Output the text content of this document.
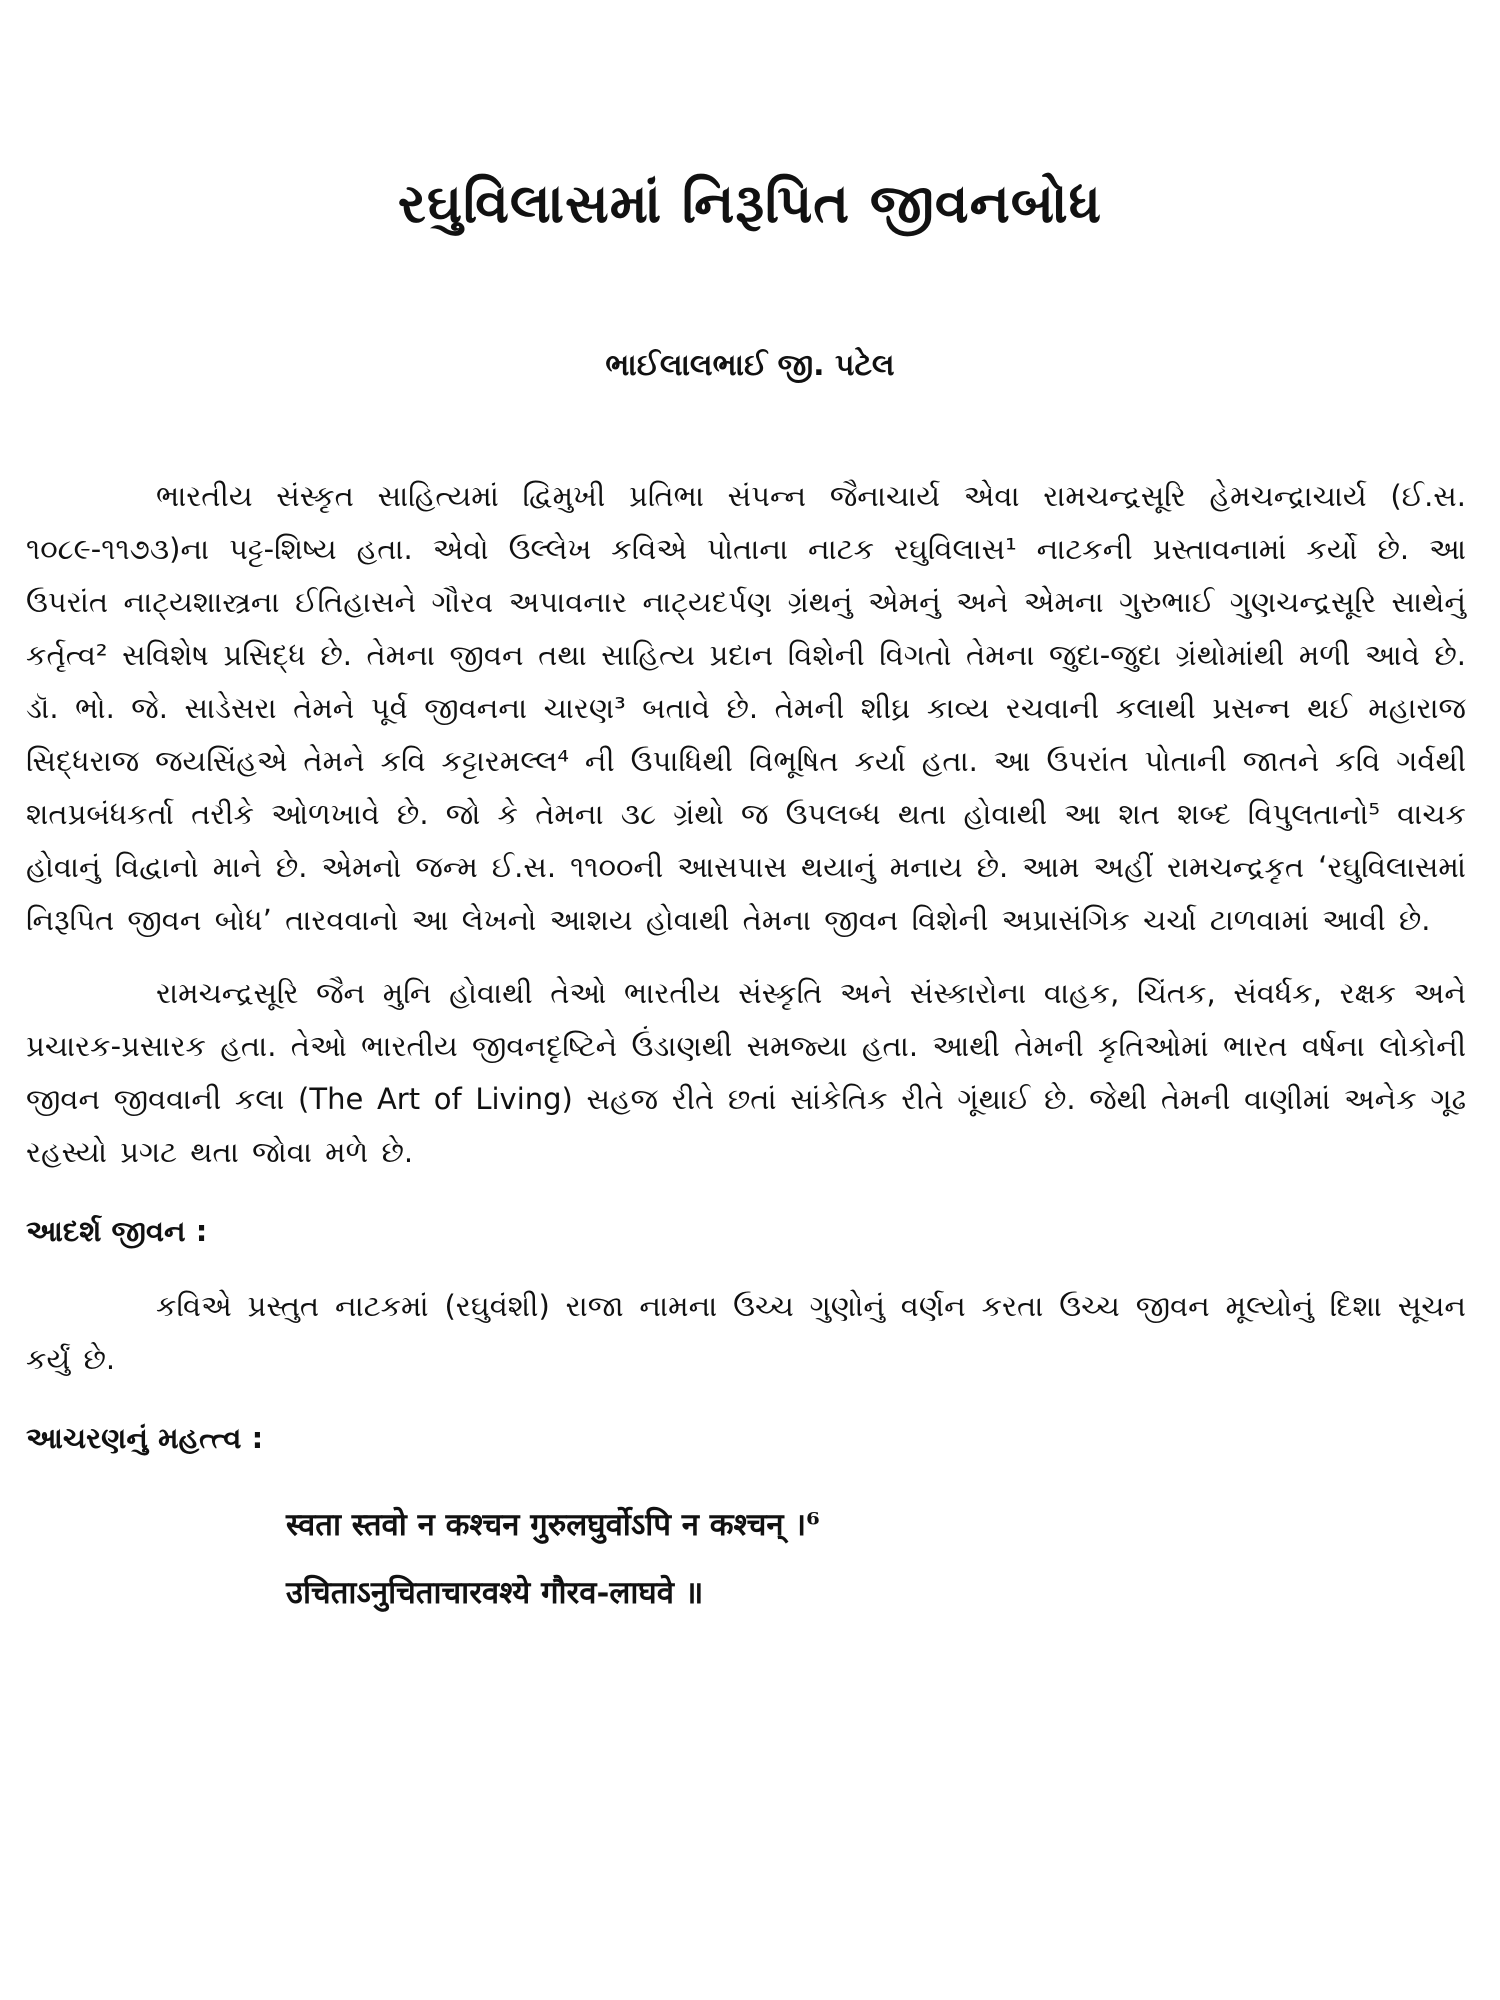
રઘુવિલાસમાં નિરૂપિત જીવનબોધ

ભાઈલાલભાઈ જી. પટેલ

ભારતીય સંસ્કૃત સાહિત્યમાં દ્વિમુખી પ્રતિભા સંપન્ન જૈનાચાર્ય એવા રામચન્દ્રસૂરિ હેમચન્દ્રાચાર્ય (ઈ.સ. ૧૦૮૯-૧૧૭૩)ના પટ્ટ-શિષ્ય હતા. એવો ઉલ્લેખ કવિએ પોતાના નાટક રઘુવિલાસ¹ નાટકની પ્રસ્તાવનામાં કર્યો છે. આ ઉપરાંત નાટ્યશાસ્ત્રના ઈતિહાસને ગૌરવ અપાવનાર નાટ્યદર્પણ ગ્રંથનું એમનું અને એમના ગુરુભાઈ ગુણચન્દ્રસૂરિ સાથેનું કર્તૃત્વ² સવિશેષ પ્રસિદ્ધ છે. તેમના જીવન તથા સાહિત્ય પ્રદાન વિશેની વિગતો તેમના જુદા-જુદા ગ્રંથોમાંથી મળી આવે છે. ડૉ. ભો. જે. સાડેસરા તેમને પૂર્વ જીવનના ચારણ³ બતાવે છે. તેમની શીઘ્ર કાવ્ય રચવાની કલાથી પ્રસન્ન થઈ મહારાજ સિદ્ધરાજ જયસિંહએ તેમને કવિ કટ્ટારમલ્લ⁴ ની ઉપાધિથી વિભૂષિત કર્યા હતા. આ ઉપરાંત પોતાની જાતને કવિ ગર્વથી શતપ્રબંધકર્તા તરીકે ઓળખાવે છે. જો કે તેમના ૩૮ ગ્રંથો જ ઉપલબ્ધ થતા હોવાથી આ શત શબ્દ વિપુલતાનો⁵ વાચક હોવાનું વિદ્વાનો માને છે. એમનો જન્મ ઈ.સ. ૧૧૦૦ની આસપાસ થયાનું મનાય છે. આમ અહીં રામચન્દ્રકૃત ‘રઘુવિલાસમાં નિરૂપિત જીવન બોધ’ તારવવાનો આ લેખનો આશય હોવાથી તેમના જીવન વિશેની અપ્રાસંગિક ચર્ચા ટાળવામાં આવી છે.

રામચન્દ્રસૂરિ જૈન મુનિ હોવાથી તેઓ ભારતીય સંસ્કૃતિ અને સંસ્કારોના વાહક, ચિંતક, સંવર્ધક, રક્ષક અને પ્રચારક-પ્રસારક હતા. તેઓ ભારતીય જીવનદૃષ્ટિને ઉંડાણથી સમજ્યા હતા. આથી તેમની કૃતિઓમાં ભારત વર્ષના લોકોની જીવન જીવવાની કલા (The Art of Living) સહજ રીતે છતાં સાંકેતિક રીતે ગૂંથાઈ છે. જેથી તેમની વાણીમાં અનેક ગૂઢ રહસ્યો પ્રગટ થતા જોવા મળે છે.

આદર્શ જીવન :

કવિએ પ્રસ્તુત નાટકમાં (રઘુવંશી) રાજા નામના ઉચ્ચ ગુણોનું વર્ણન કરતા ઉચ્ચ જીવન મૂલ્યોનું દિશા સૂચન કર્યું છે.

આચરણનું મહત્ત્વ :
स्वता स्तवो न कश्चन गुरुलघुर्वोऽपि न कश्चन् ।⁶
उचिताऽनुचिताचारवश्ये गौरव-लाघवे ॥
